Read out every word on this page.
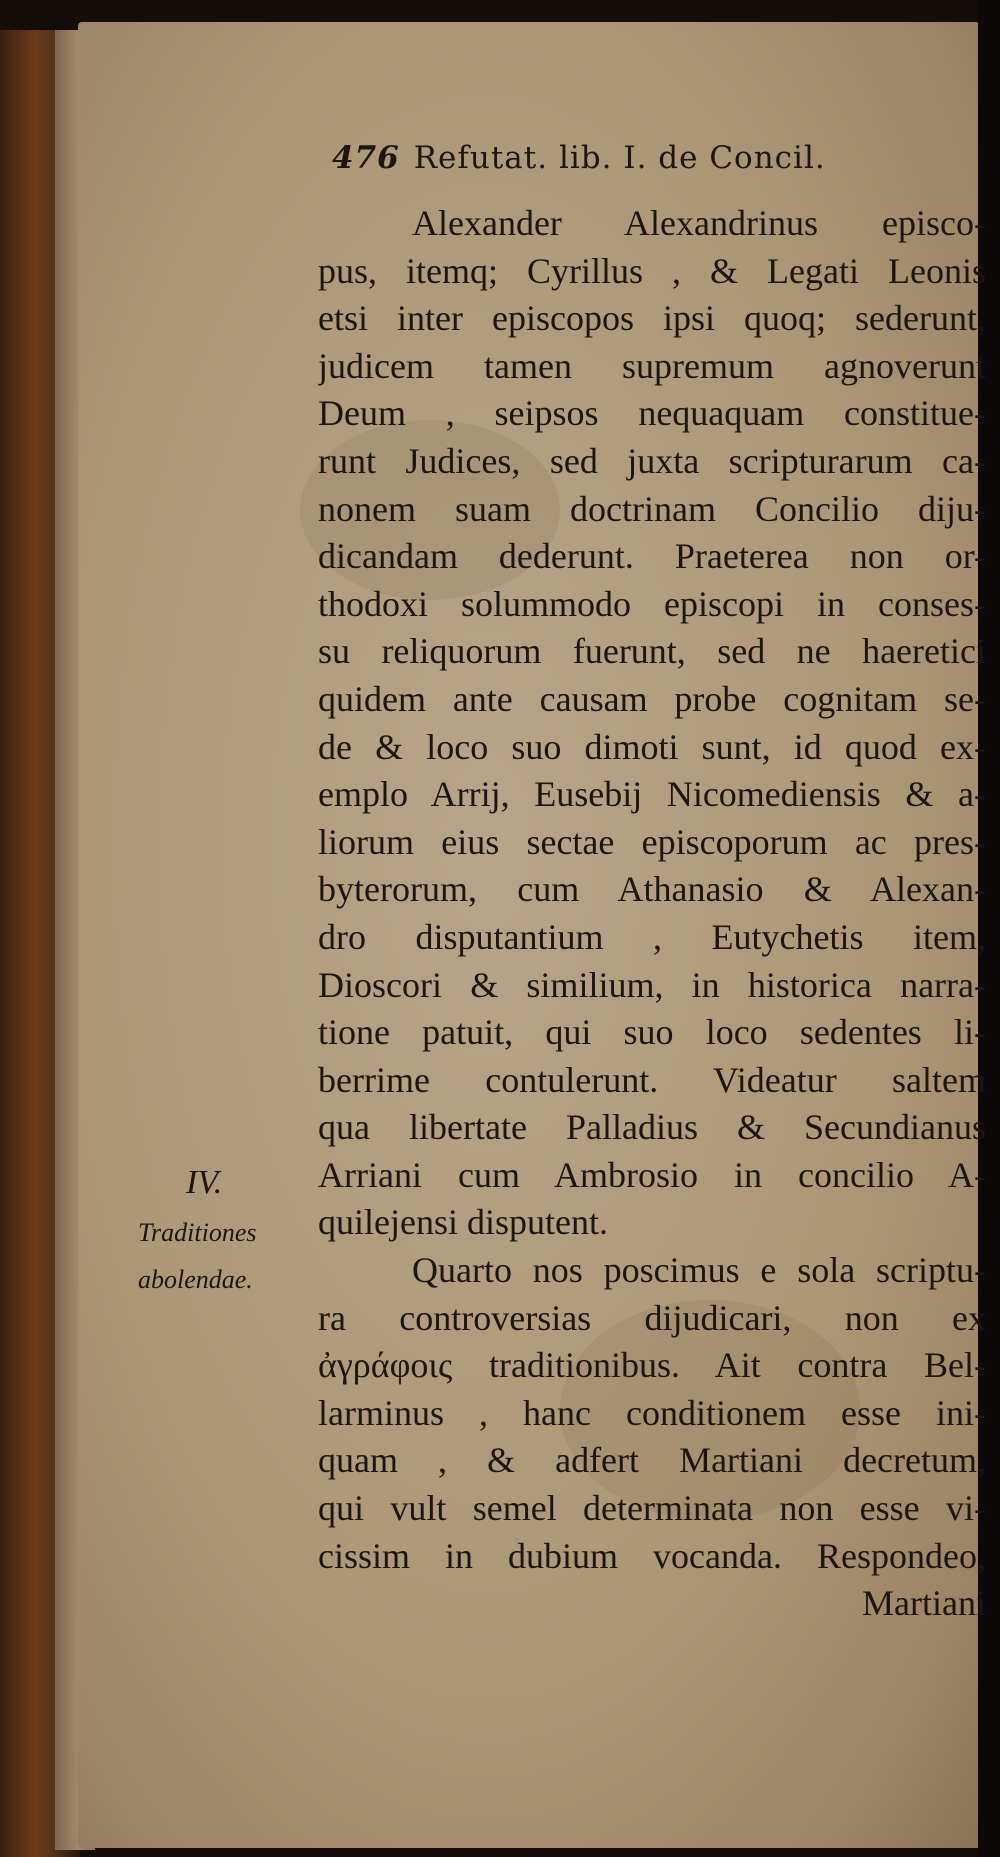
476 Refutat. lib. I. de Concil.
Alexander Alexandrinus episco-
pus, itemq; Cyrillus , & Legati Leonis
etsi inter episcopos ipsi quoq; sederunt,
judicem tamen supremum agnoverunt
Deum , seipsos nequaquam constitue-
runt Judices, sed juxta scripturarum ca-
nonem suam doctrinam Concilio diju-
dicandam dederunt. Praeterea non or-
thodoxi solummodo episcopi in conses-
su reliquorum fuerunt, sed ne haeretici
quidem ante causam probe cognitam se-
de & loco suo dimoti sunt, id quod ex-
emplo Arrij, Eusebij Nicomediensis & a-
liorum eius sectae episcoporum ac pres-
byterorum, cum Athanasio & Alexan-
dro disputantium , Eutychetis item,
Dioscori & similium, in historica narra-
tione patuit, qui suo loco sedentes li-
berrime contulerunt. Videatur saltem
qua libertate Palladius & Secundianus
Arriani cum Ambrosio in concilio A-
quilejensi disputent.
Quarto nos poscimus e sola scriptu-
ra controversias dijudicari, non ex
ἀγράφοις traditionibus. Ait contra Bel-
larminus , hanc conditionem esse ini-
quam , & adfert Martiani decretum,
qui vult semel determinata non esse vi-
cissim in dubium vocanda. Respondeo,
Martiani
IV.
Traditiones
abolendae.
